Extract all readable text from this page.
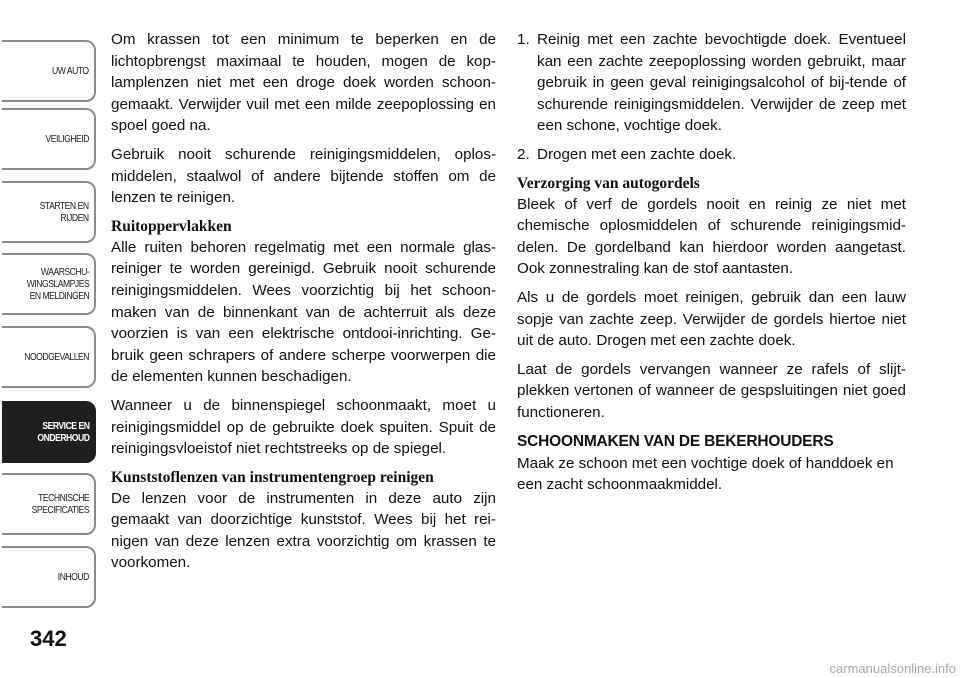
UW AUTO
VEILIGHEID
STARTEN EN
RIJDEN
WAARSCHU-
WINGSLAMPJES
EN MELDINGEN
NOODGEVALLEN
SERVICE EN
ONDERHOUD
TECHNISCHE
SPECIFICATIES
INHOUD
342

Om krassen tot een minimum te beperken en de lichtopbrengst maximaal te houden, mogen de kop-lamplenzen niet met een droge doek worden schoon-gemaakt. Verwijder vuil met een milde zeepoplossing en spoel goed na.

Gebruik nooit schurende reinigingsmiddelen, oplos-middelen, staalwol of andere bijtende stoffen om de lenzen te reinigen.

Ruitoppervlakken

Alle ruiten behoren regelmatig met een normale glas-reiniger te worden gereinigd. Gebruik nooit schurende reinigingsmiddelen. Wees voorzichtig bij het schoon-maken van de binnenkant van de achterruit als deze voorzien is van een elektrische ontdooi-inrichting. Ge-bruik geen schrapers of andere scherpe voorwerpen die de elementen kunnen beschadigen.

Wanneer u de binnenspiegel schoonmaakt, moet u reinigingsmiddel op de gebruikte doek spuiten. Spuit de reinigingsvloeistof niet rechtstreeks op de spiegel.

Kunststoflenzen van instrumentengroep reinigen

De lenzen voor de instrumenten in deze auto zijn gemaakt van doorzichtige kunststof. Wees bij het rei-nigen van deze lenzen extra voorzichtig om krassen te voorkomen.

1. Reinig met een zachte bevochtigde doek. Eventueel kan een zachte zeepoplossing worden gebruikt, maar gebruik in geen geval reinigingsalcohol of bij-tende of schurende reinigingsmiddelen. Verwijder de zeep met een schone, vochtige doek.
2. Drogen met een zachte doek.
Verzorging van autogordels

Bleek of verf de gordels nooit en reinig ze niet met chemische oplosmiddelen of schurende reinigingsmid-delen. De gordelband kan hierdoor worden aangetast. Ook zonnestraling kan de stof aantasten.

Als u de gordels moet reinigen, gebruik dan een lauw sopje van zachte zeep. Verwijder de gordels hiertoe niet uit de auto. Drogen met een zachte doek.

Laat de gordels vervangen wanneer ze rafels of slijt-plekken vertonen of wanneer de gespsluitingen niet goed functioneren.

SCHOONMAKEN VAN DE BEKERHOUDERS

Maak ze schoon met een vochtige doek of handdoek en een zacht schoonmaakmiddel.

carmanualsonline.info
